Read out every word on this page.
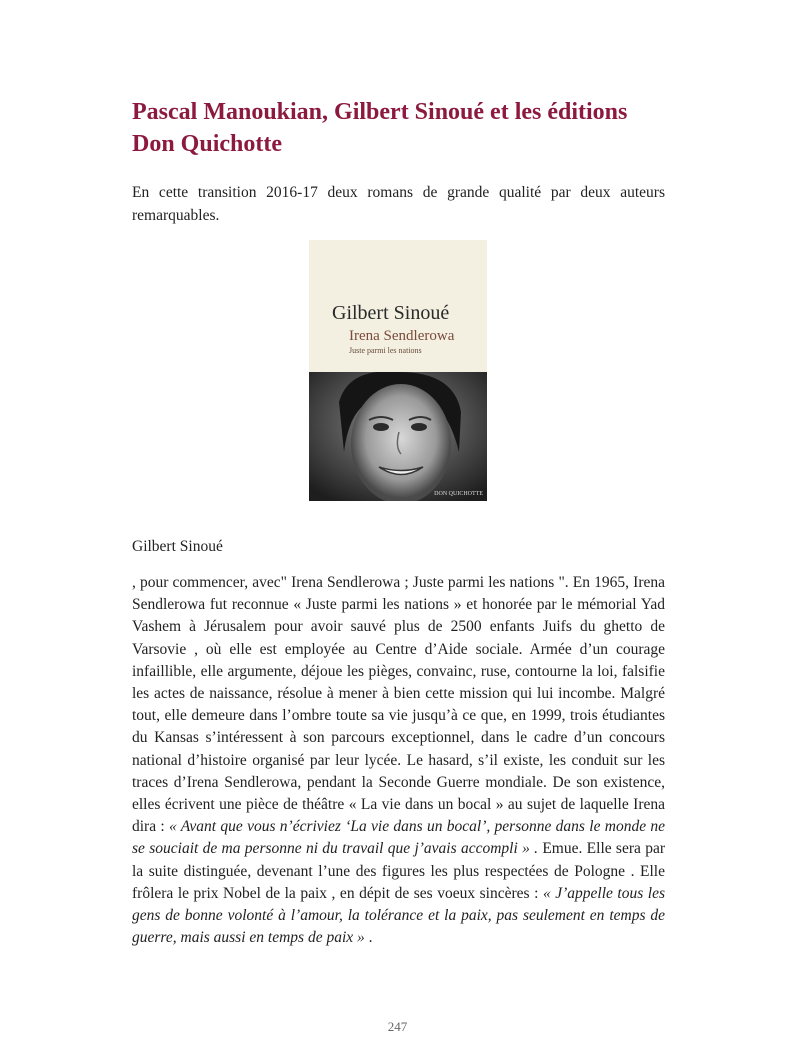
Pascal Manoukian, Gilbert Sinoué et les éditions Don Quichotte

En cette transition 2016-17 deux romans de grande qualité par deux auteurs remarquables.

Gilbert Sinoué
Irena Sendlerowa
Juste parmi les nations
DON QUICHOTTE

Gilbert Sinoué

, pour commencer, avec" Irena Sendlerowa ; Juste parmi les nations ". En 1965, Irena Sendlerowa fut reconnue « Juste parmi les nations » et honorée par le mémorial Yad Vashem à Jérusalem pour avoir sauvé plus de 2500 enfants Juifs du ghetto de Varsovie , où elle est employée au Centre d’Aide sociale. Armée d’un courage infaillible, elle argumente, déjoue les pièges, convainc, ruse, contourne la loi, falsifie les actes de naissance, résolue à mener à bien cette mission qui lui incombe. Malgré tout, elle demeure dans l’ombre toute sa vie jusqu’à ce que, en 1999, trois étudiantes du Kansas s’intéressent à son parcours exceptionnel, dans le cadre d’un concours national d’histoire organisé par leur lycée. Le hasard, s’il existe, les conduit sur les traces d’Irena Sendlerowa, pendant la Seconde Guerre mondiale. De son existence, elles écrivent une pièce de théâtre « La vie dans un bocal » au sujet de laquelle Irena dira : « Avant que vous n’écriviez ‘La vie dans un bocal’, personne dans le monde ne se souciait de ma personne ni du travail que j’avais accompli » . Emue. Elle sera par la suite distinguée, devenant l’une des figures les plus respectées de Pologne . Elle frôlera le prix Nobel de la paix , en dépit de ses voeux sincères : « J’appelle tous les gens de bonne volonté à l’amour, la tolérance et la paix, pas seulement en temps de guerre, mais aussi en temps de paix » .

247
